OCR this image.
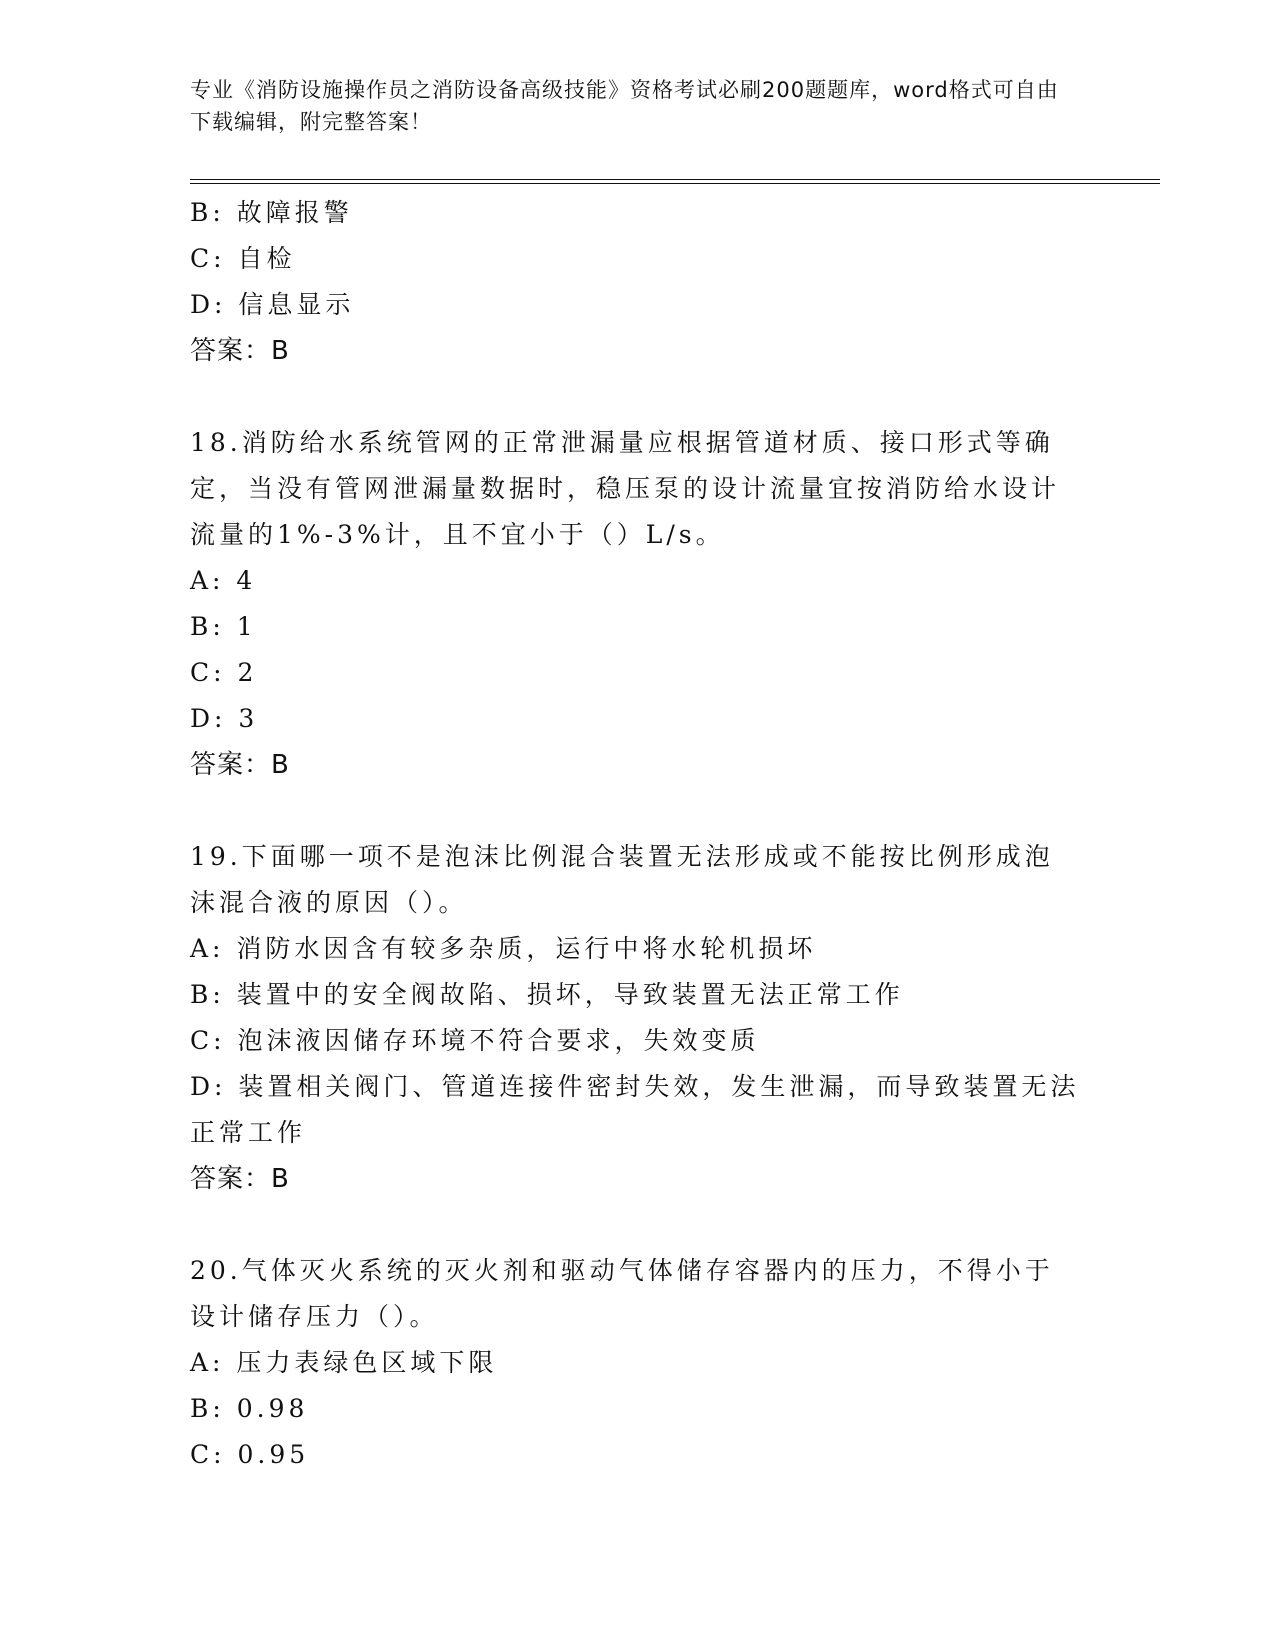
专业《消防设施操作员之消防设备高级技能》资格考试必刷200题题库，word格式可自由下载编辑，附完整答案！
B: 故障报警
C: 自检
D: 信息显示
答案：B
18.消防给水系统管网的正常泄漏量应根据管道材质、接口形式等确定，当没有管网泄漏量数据时，稳压泵的设计流量宜按消防给水设计流量的1%-3%计，且不宜小于（）L/s。
A: 4
B: 1
C: 2
D: 3
答案：B
19.下面哪一项不是泡沫比例混合装置无法形成或不能按比例形成泡沫混合液的原因（）。
A: 消防水因含有较多杂质，运行中将水轮机损坏
B: 装置中的安全阀故陷、损坏，导致装置无法正常工作
C: 泡沫液因储存环境不符合要求，失效变质
D: 装置相关阀门、管道连接件密封失效，发生泄漏，而导致装置无法正常工作
答案：B
20.气体灭火系统的灭火剂和驱动气体储存容器内的压力，不得小于设计储存压力（）。
A: 压力表绿色区域下限
B: 0.98
C: 0.95
